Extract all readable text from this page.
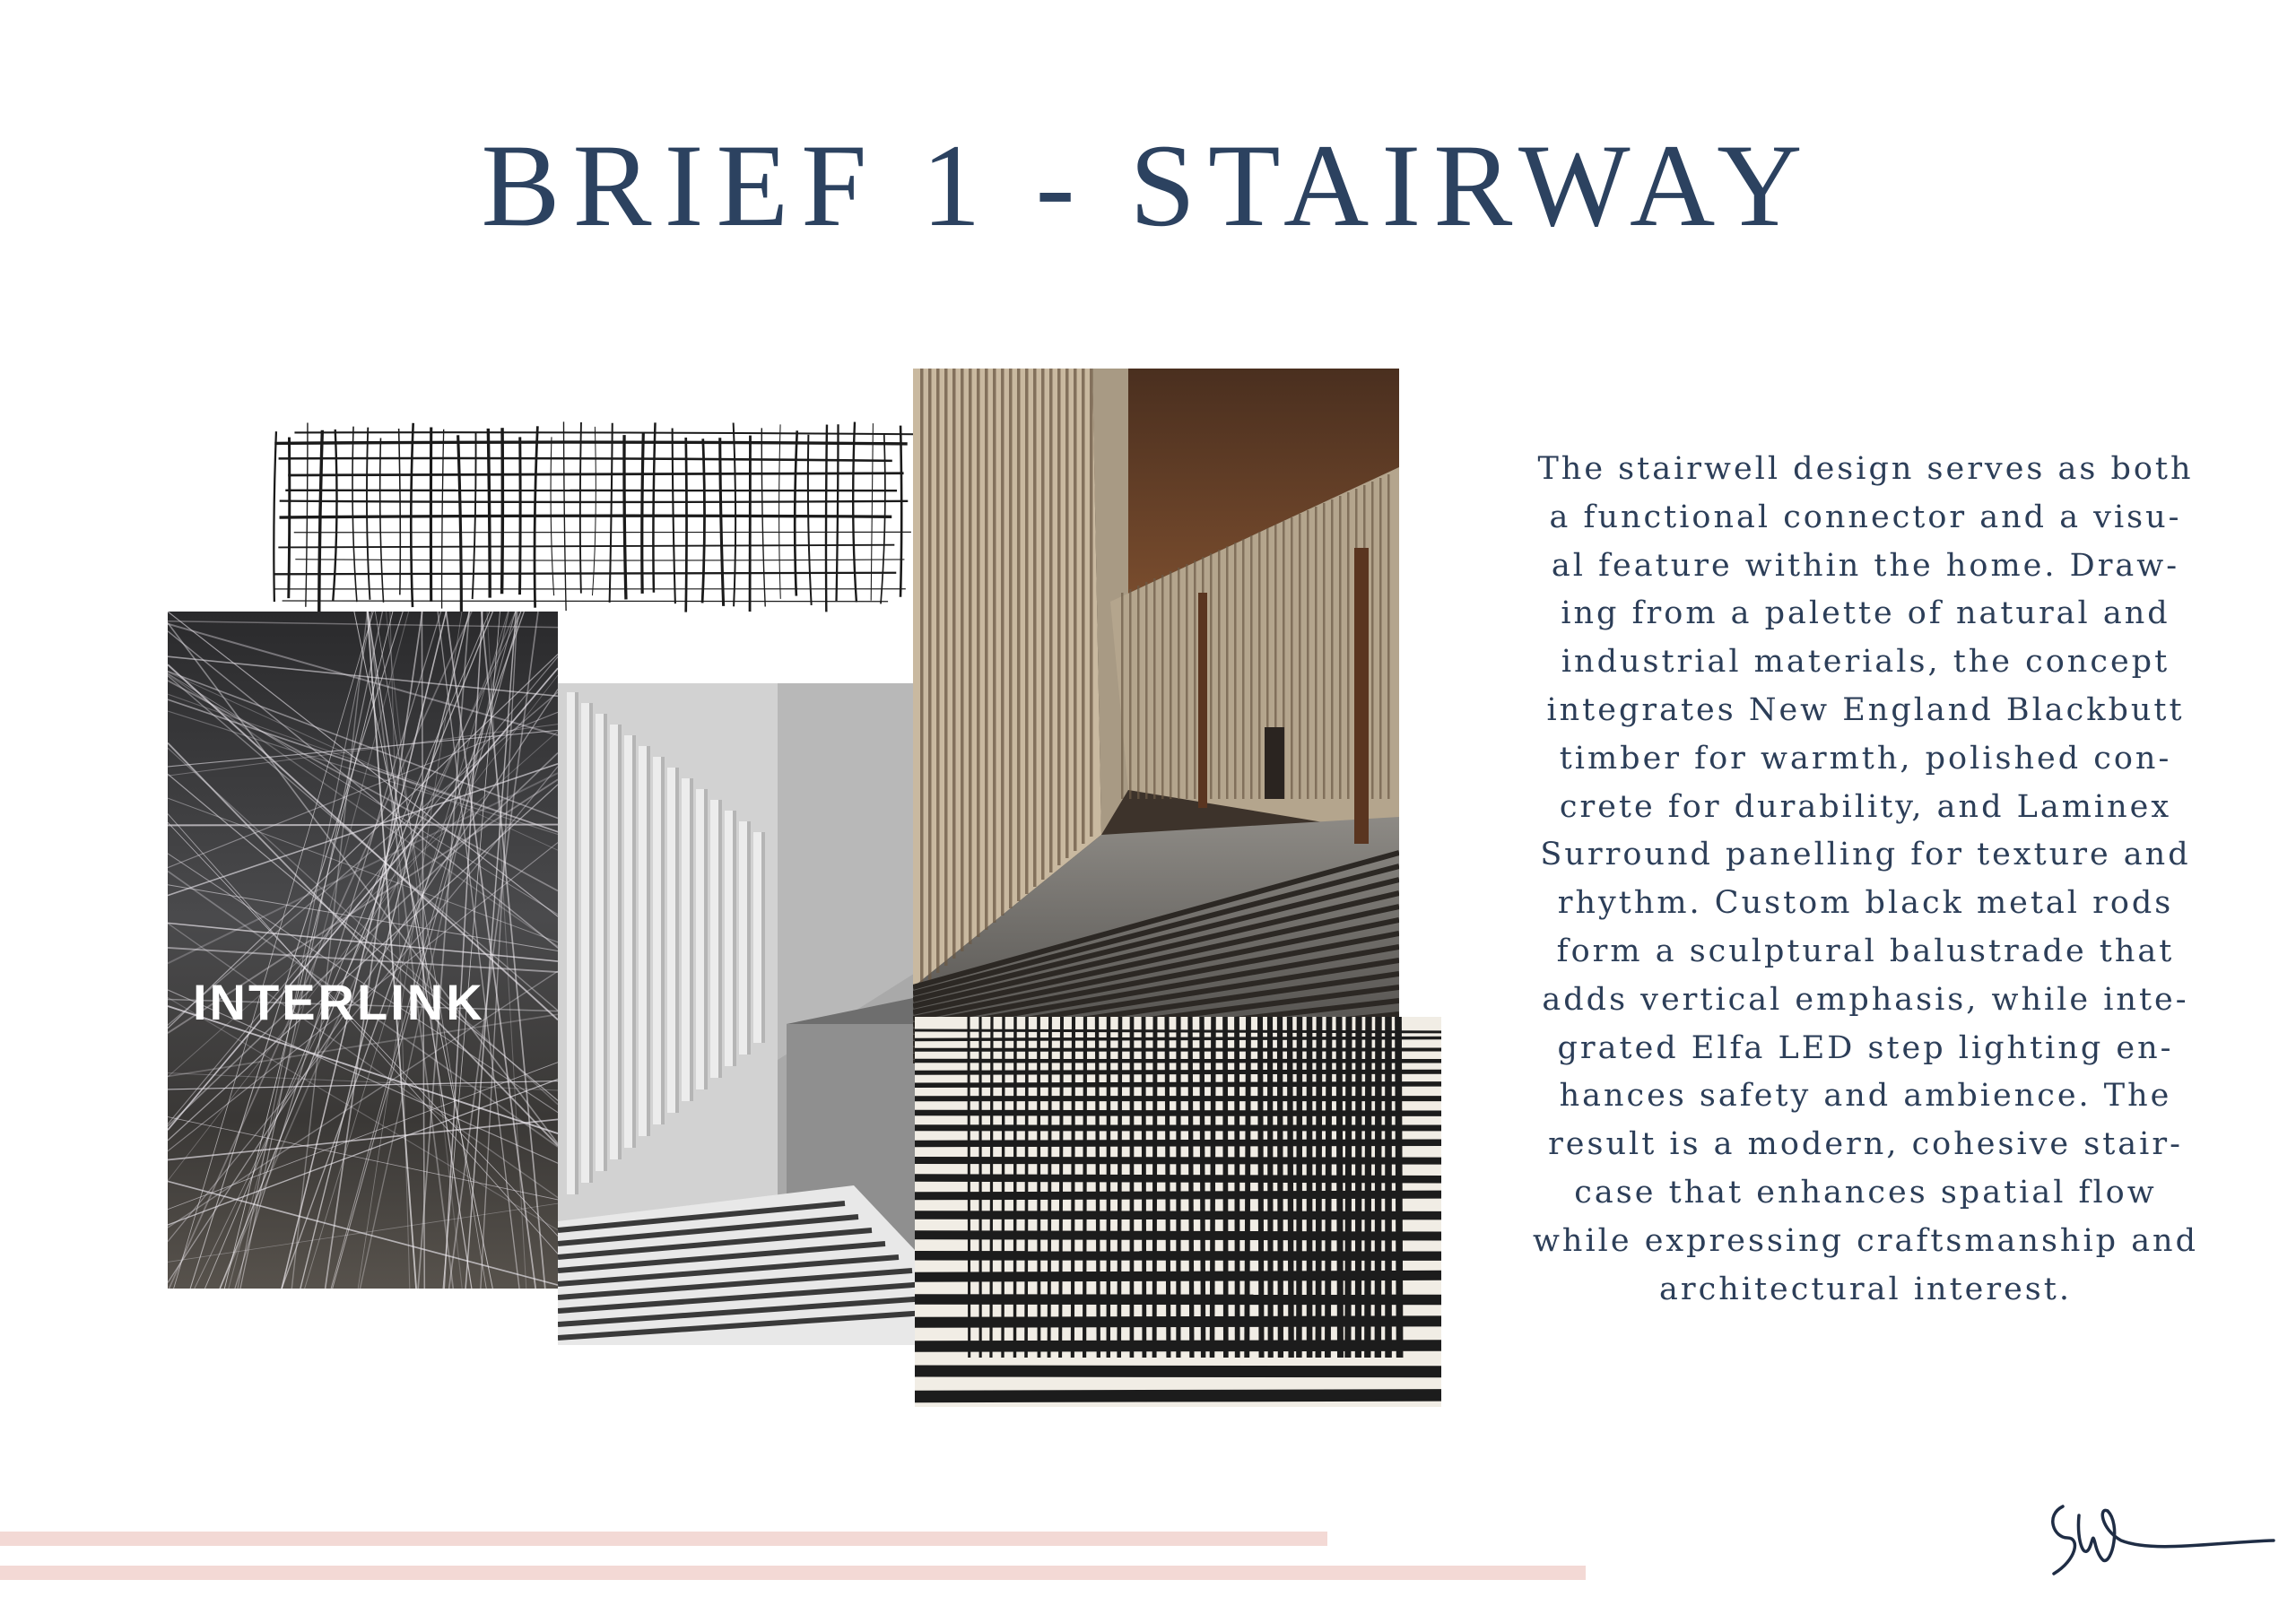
BRIEF 1 - STAIRWAY
INTERLINK

The stairwell design serves as both
a functional connector and a visu-
al feature within the home. Draw-
ing from a palette of natural and
industrial materials, the concept
integrates New England Blackbutt
timber for warmth, polished con-
crete for durability, and Laminex
Surround panelling for texture and
rhythm. Custom black metal rods
form a sculptural balustrade that
adds vertical emphasis, while inte-
grated Elfa LED step lighting en-
hances safety and ambience. The
result is a modern, cohesive stair-
case that enhances spatial flow
while expressing craftsmanship and
architectural interest.
